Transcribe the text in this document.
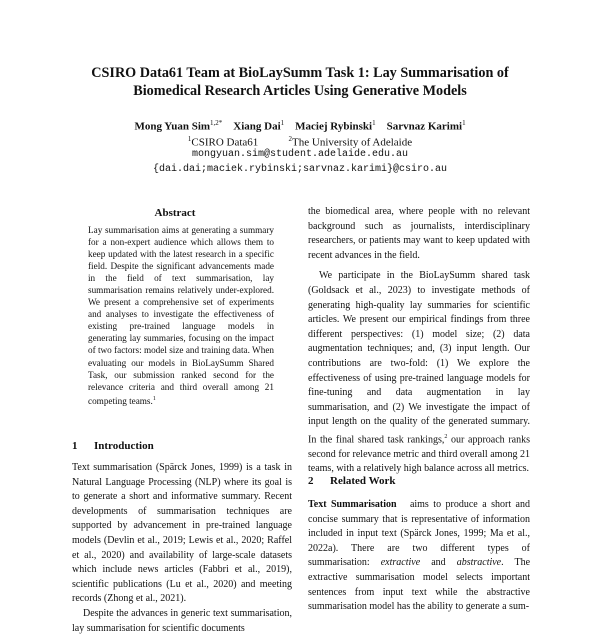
CSIRO Data61 Team at BioLaySumm Task 1: Lay Summarisation of
Biomedical Research Articles Using Generative Models
Mong Yuan Sim$^{1,2*}$ Xiang Dai$^1$ Maciej Rybinski$^1$ Sarvnaz Karimi$^1$
$^1$CSIRO Data61	$^2$The University of Adelaide
mongyuan.sim@student.adelaide.edu.au
{dai.dai;maciek.rybinski;sarvnaz.karimi}@csiro.au
Abstract
Lay summarisation aims at generating a summary for a non-expert audience which allows them to keep updated with the latest research in a specific field. Despite the significant advancements made in the field of text summarisation, lay summarisation remains relatively under-explored. We present a comprehensive set of experiments and analyses to investigate the effectiveness of existing pre-trained language models in generating lay summaries, focusing on the impact of two factors: model size and training data. When evaluating our models in BioLaySumm Shared Task, our submission ranked second for the relevance criteria and third overall among 21 competing teams.$^1$
1 Introduction

Text summarisation (Spärck Jones, 1999) is a task in Natural Language Processing (NLP) where its goal is to generate a short and informative summary. Recent developments of summarisation techniques are supported by advancement in pre-trained language models (Devlin et al., 2019; Lewis et al., 2020; Raffel et al., 2020) and availability of large-scale datasets which include news articles (Fabbri et al., 2019), scientific publications (Lu et al., 2020) and meeting records (Zhong et al., 2021).

Despite the advances in generic text summarisation, lay summarisation for scientific documents

the biomedical area, where people with no relevant background such as journalists, interdisciplinary researchers, or patients may want to keep updated with recent advances in the field.

We participate in the BioLaySumm shared task (Goldsack et al., 2023) to investigate methods of generating high-quality lay summaries for scientific articles. We present our empirical findings from three different perspectives: (1) model size; (2) data augmentation techniques; and, (3) input length. Our contributions are two-fold: (1) We explore the effectiveness of using pre-trained language models for fine-tuning and data augmentation in lay summarisation, and (2) We investigate the impact of input length on the quality of the generated summary. In the final shared task rankings,$^2$ our approach ranks second for relevance metric and third overall among 21 teams, with a relatively high balance across all metrics.

2 Related Work

Text Summarisation aims to produce a short and concise summary that is representative of information included in input text (Spärck Jones, 1999; Ma et al., 2022a). There are two different types of summarisation: extractive and abstractive. The extractive summarisation model selects important sentences from input text while the abstractive summarisation model has the ability to generate a sum-
